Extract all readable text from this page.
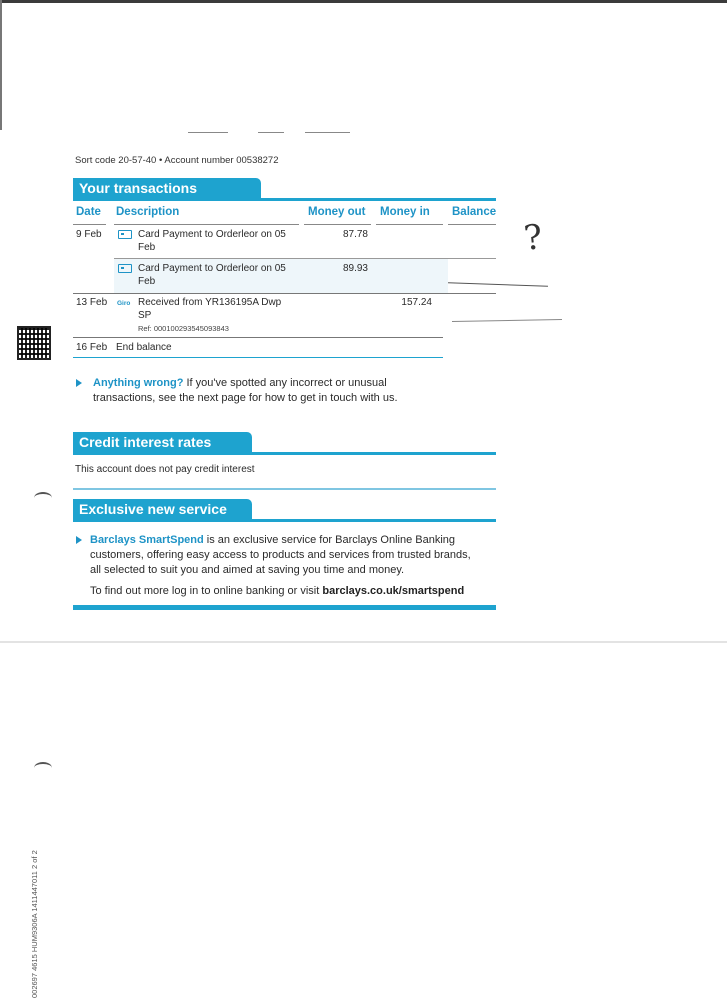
Sort code 20-57-40 • Account number 00538272
Your transactions
Date Description	Money out Money in Balance
9 Feb	Card Payment to Orderleor on 05
Feb
87.78
Card Payment to Orderleor on 05
Feb
89.93
13 Feb Giro Received from YR136195A Dwp
SP
Ref: 000100293545093843
157.24
16 Feb End balance
?
Anything wrong? If you've spotted any incorrect or unusual
transactions, see the next page for how to get in touch with us.
Credit interest rates
This account does not pay credit interest
Exclusive new service
Barclays SmartSpend is an exclusive service for Barclays Online Banking
customers, offering easy access to products and services from trusted brands,
all selected to suit you and aimed at saving you time and money.
To find out more log in to online banking or visit barclays.co.uk/smartspend
002697 4615 HUM9306A 1411447011 2 of 2
